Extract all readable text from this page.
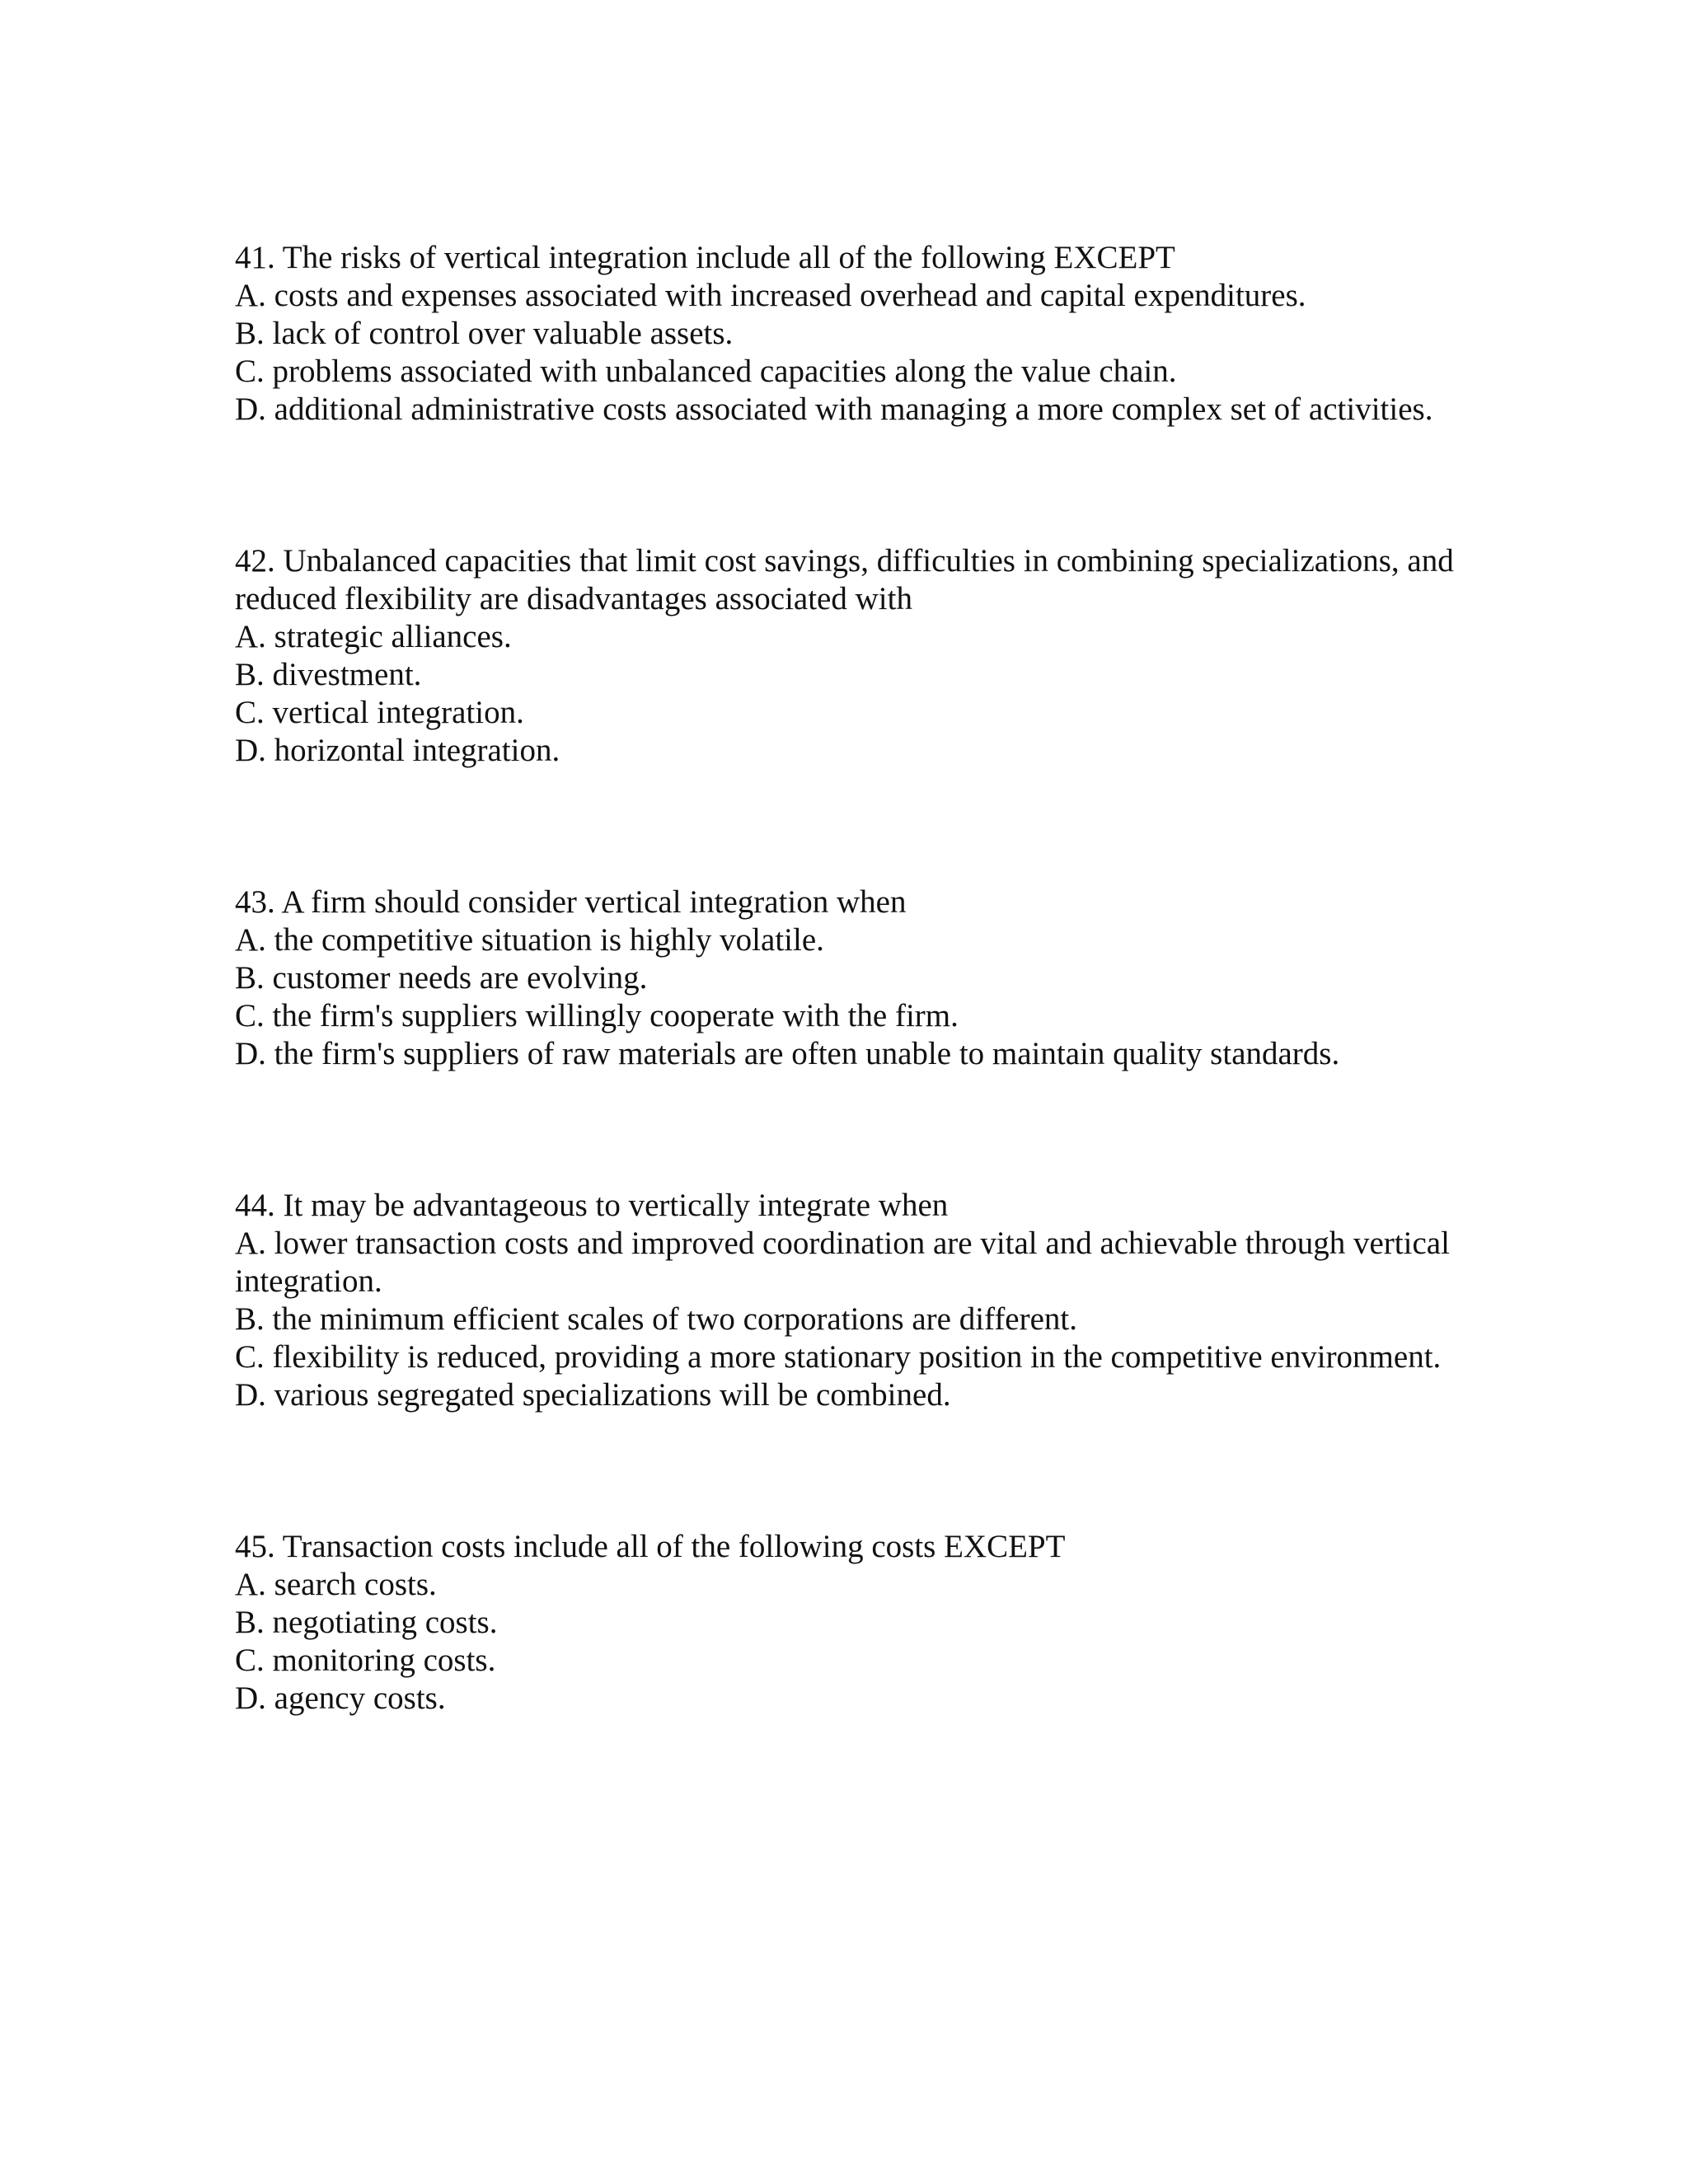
41. The risks of vertical integration include all of the following EXCEPT
A. costs and expenses associated with increased overhead and capital expenditures.
B. lack of control over valuable assets.
C. problems associated with unbalanced capacities along the value chain.
D. additional administrative costs associated with managing a more complex set of activities.
42. Unbalanced capacities that limit cost savings, difficulties in combining specializations, and reduced flexibility are disadvantages associated with
A. strategic alliances.
B. divestment.
C. vertical integration.
D. horizontal integration.
43. A firm should consider vertical integration when
A. the competitive situation is highly volatile.
B. customer needs are evolving.
C. the firm's suppliers willingly cooperate with the firm.
D. the firm's suppliers of raw materials are often unable to maintain quality standards.
44. It may be advantageous to vertically integrate when
A. lower transaction costs and improved coordination are vital and achievable through vertical integration.
B. the minimum efficient scales of two corporations are different.
C. flexibility is reduced, providing a more stationary position in the competitive environment.
D. various segregated specializations will be combined.
45. Transaction costs include all of the following costs EXCEPT
A. search costs.
B. negotiating costs.
C. monitoring costs.
D. agency costs.
